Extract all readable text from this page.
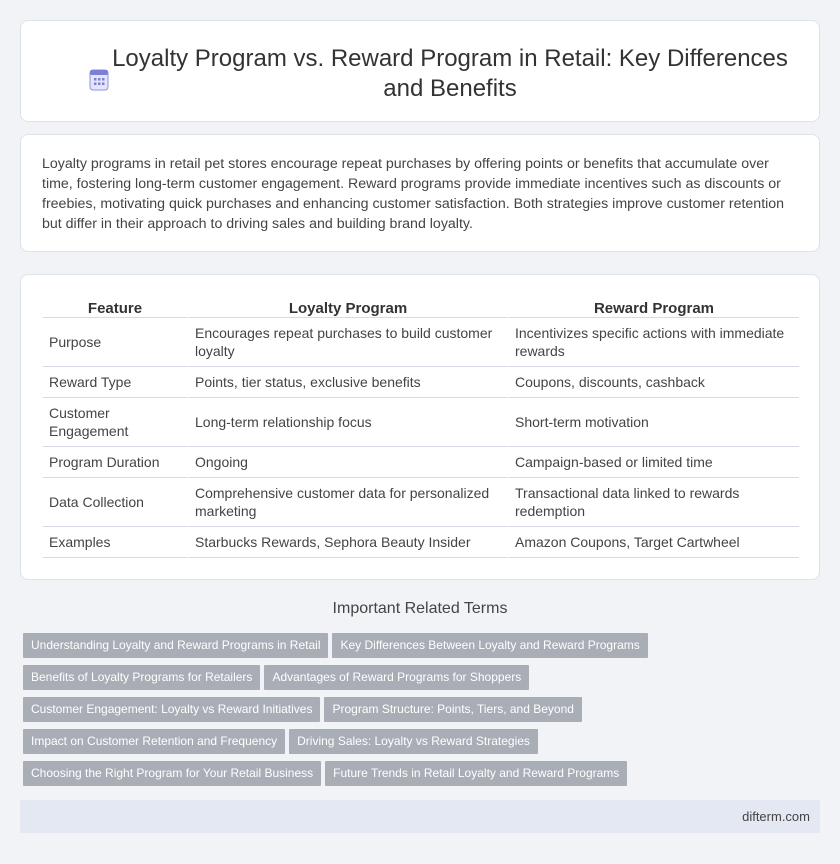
Loyalty Program vs. Reward Program in Retail: Key Differences and Benefits

Loyalty programs in retail pet stores encourage repeat purchases by offering points or benefits that accumulate over time, fostering long-term customer engagement. Reward programs provide immediate incentives such as discounts or freebies, motivating quick purchases and enhancing customer satisfaction. Both strategies improve customer retention but differ in their approach to driving sales and building brand loyalty.

Feature	Loyalty Program	Reward Program
Purpose	Encourages repeat purchases to build customer loyalty	Incentivizes specific actions with immediate rewards
Reward Type	Points, tier status, exclusive benefits	Coupons, discounts, cashback
Customer Engagement	Long-term relationship focus	Short-term motivation
Program Duration	Ongoing	Campaign-based or limited time
Data Collection	Comprehensive customer data for personalized marketing	Transactional data linked to rewards redemption
Examples	Starbucks Rewards, Sephora Beauty Insider	Amazon Coupons, Target Cartwheel
Important Related Terms
Understanding Loyalty and Reward Programs in Retail Key Differences Between Loyalty and Reward Programs
Benefits of Loyalty Programs for Retailers Advantages of Reward Programs for Shoppers
Customer Engagement: Loyalty vs Reward Initiatives Program Structure: Points, Tiers, and Beyond
Impact on Customer Retention and Frequency Driving Sales: Loyalty vs Reward Strategies
Choosing the Right Program for Your Retail Business Future Trends in Retail Loyalty and Reward Programs
difterm.com
